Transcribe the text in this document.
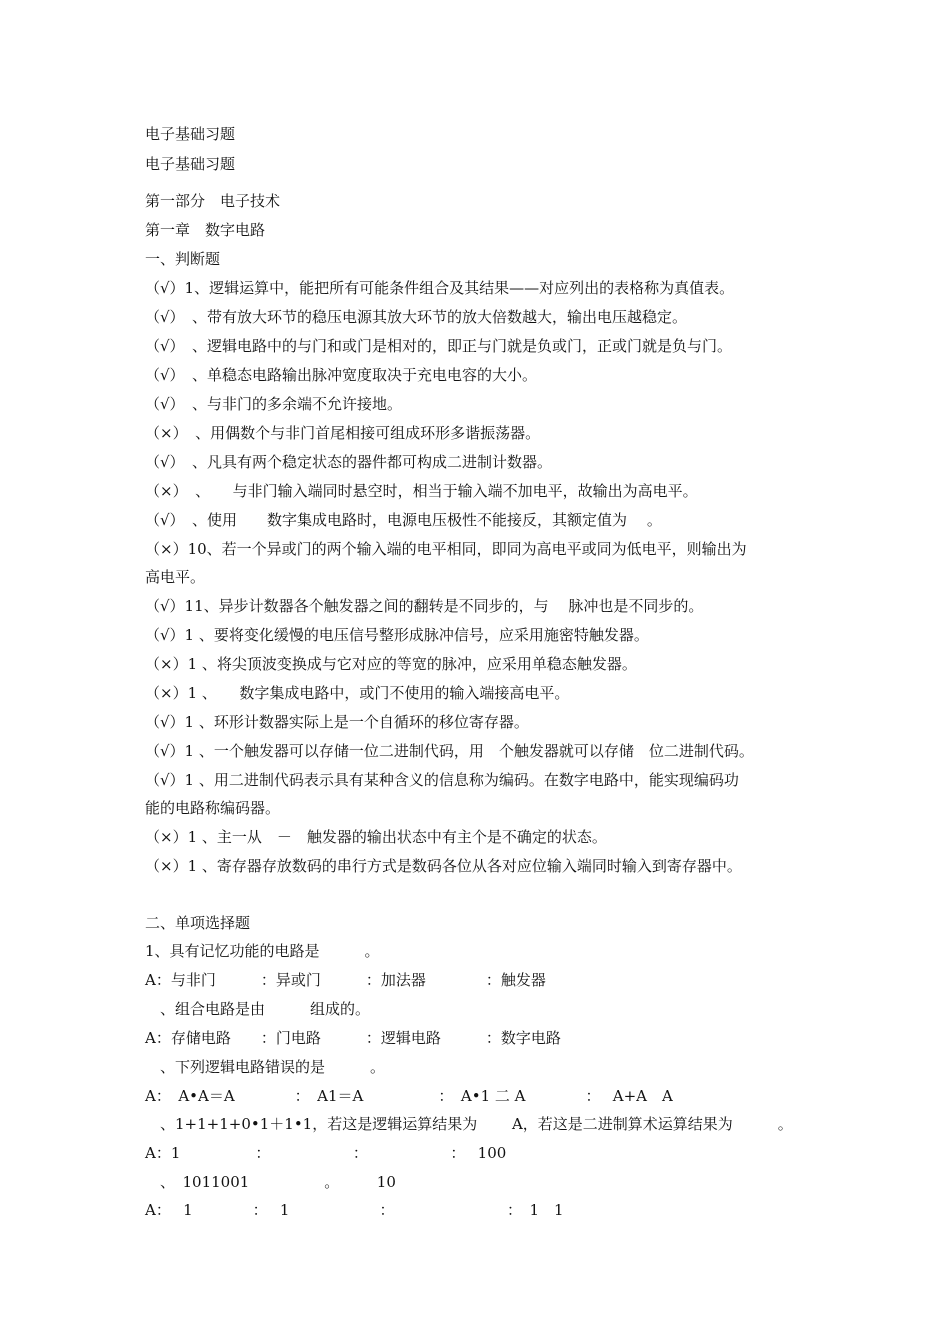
电子基础习题
电子基础习题
第一部分　电子技术
第一章　数字电路
一、判断题
（√）1、逻辑运算中，能把所有可能条件组合及其结果——对应列出的表格称为真值表。
（√）　、带有放大环节的稳压电源其放大环节的放大倍数越大，输出电压越稳定。
（√）　、逻辑电路中的与门和或门是相对的，即正与门就是负或门，正或门就是负与门。
（√）　、单稳态电路输出脉冲宽度取决于充电电容的大小。
（√）　、与非门的多余端不允许接地。
（×）　、用偶数个与非门首尾相接可组成环形多谐振荡器。
（√）　、凡具有两个稳定状态的器件都可构成二进制计数器。
（×）　、　　与非门输入端同时悬空时，相当于输入端不加电平，故输出为高电平。
（√）　、使用　　数字集成电路时，电源电压极性不能接反，其额定值为　 。
（×）10、若一个异或门的两个输入端的电平相同，即同为高电平或同为低电平，则输出为
高电平。
（√）11、异步计数器各个触发器之间的翻转是不同步的，与　 脉冲也是不同步的。
（√）1 、要将变化缓慢的电压信号整形成脉冲信号，应采用施密特触发器。
（×）1 、将尖顶波变换成与它对应的等宽的脉冲，应采用单稳态触发器。
（×）1 、　　数字集成电路中，或门不使用的输入端接高电平。
（√）1 、环形计数器实际上是一个自循环的移位寄存器。
（√）1 、一个触发器可以存储一位二进制代码，用　个触发器就可以存储　位二进制代码。
（√）1 、用二进制代码表示具有某种含义的信息称为编码。在数字电路中，能实现编码功
能的电路称编码器。
（×）1 、主一从　－　触发器的输出状态中有主个是不确定的状态。
（×）1 、寄存器存放数码的串行方式是数码各位从各对应位输入端同时输入到寄存器中。
二、单项选择题
1、具有记忆功能的电路是　　　。
A：与非门　　　：异或门　　　：加法器　　　　：触发器
　、组合电路是由　　　组成的。
A：存储电路　　：门电路　　　：逻辑电路　　　：数字电路
　、下列逻辑电路错误的是　　　。
A：　A•A＝A　　　　：　A1＝A　　　　　：　A•1 二 A　　　　：　 A+A　A
　、1+1+1+0•1＋1•1，若这是逻辑运算结果为　　 A，若这是二进制算术运算结果为　　　。
A：1　　　　　：　　　　　　：　　　　　　：　 100
　、　1011001　　　　　。　　　10
A：　 1　　　　：　 1　　　　　　：　　　　　　　　：　1　1
